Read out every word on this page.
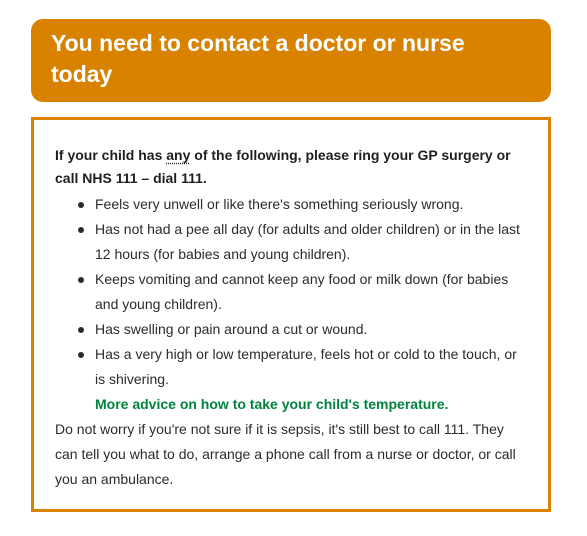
You need to contact a doctor or nurse today

If your child has any of the following, please ring your GP surgery or call NHS 111 – dial 111.

Feels very unwell or like there's something seriously wrong.
Has not had a pee all day (for adults and older children) or in the last 12 hours (for babies and young children).
Keeps vomiting and cannot keep any food or milk down (for babies and young children).
Has swelling or pain around a cut or wound.
Has a very high or low temperature, feels hot or cold to the touch, or is shivering.
More advice on how to take your child's temperature.

Do not worry if you're not sure if it is sepsis, it's still best to call 111. They can tell you what to do, arrange a phone call from a nurse or doctor, or call you an ambulance.
